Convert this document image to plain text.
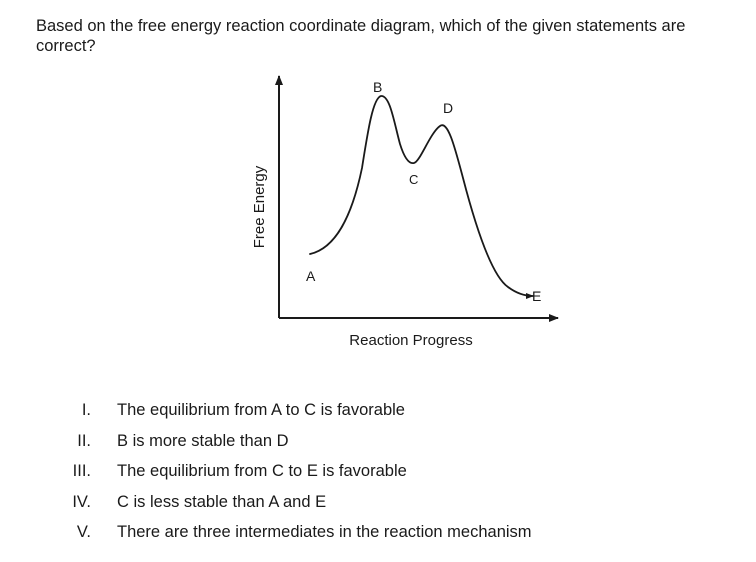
Based on the free energy reaction coordinate diagram, which of the given statements are correct?

Free Energy
Reaction Progress
A
B
C
D
E
I. The equilibrium from A to C is favorable
II. B is more stable than D
III. The equilibrium from C to E is favorable
IV. C is less stable than A and E
V. There are three intermediates in the reaction mechanism
